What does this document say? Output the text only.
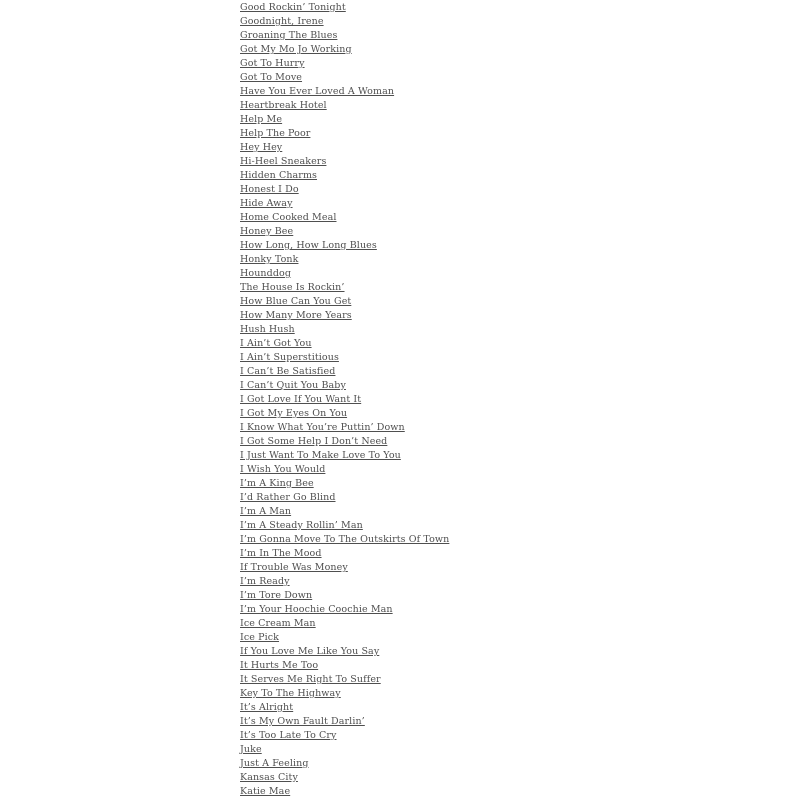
Good Rockin’ Tonight
Goodnight, Irene
Groaning The Blues
Got My Mo Jo Working
Got To Hurry
Got To Move
Have You Ever Loved A Woman
Heartbreak Hotel
Help Me
Help The Poor
Hey Hey
Hi-Heel Sneakers
Hidden Charms
Honest I Do
Hide Away
Home Cooked Meal
Honey Bee
How Long, How Long Blues
Honky Tonk
Hounddog
The House Is Rockin’
How Blue Can You Get
How Many More Years
Hush Hush
I Ain’t Got You
I Ain’t Superstitious
I Can’t Be Satisfied
I Can’t Quit You Baby
I Got Love If You Want It
I Got My Eyes On You
I Know What You’re Puttin’ Down
I Got Some Help I Don’t Need
I Just Want To Make Love To You
I Wish You Would
I’m A King Bee
I’d Rather Go Blind
I’m A Man
I’m A Steady Rollin’ Man
I’m Gonna Move To The Outskirts Of Town
I’m In The Mood
If Trouble Was Money
I’m Ready
I’m Tore Down
I’m Your Hoochie Coochie Man
Ice Cream Man
Ice Pick
If You Love Me Like You Say
It Hurts Me Too
It Serves Me Right To Suffer
Key To The Highway
It’s Alright
It’s My Own Fault Darlin’
It’s Too Late To Cry
Juke
Just A Feeling
Kansas City
Katie Mae
